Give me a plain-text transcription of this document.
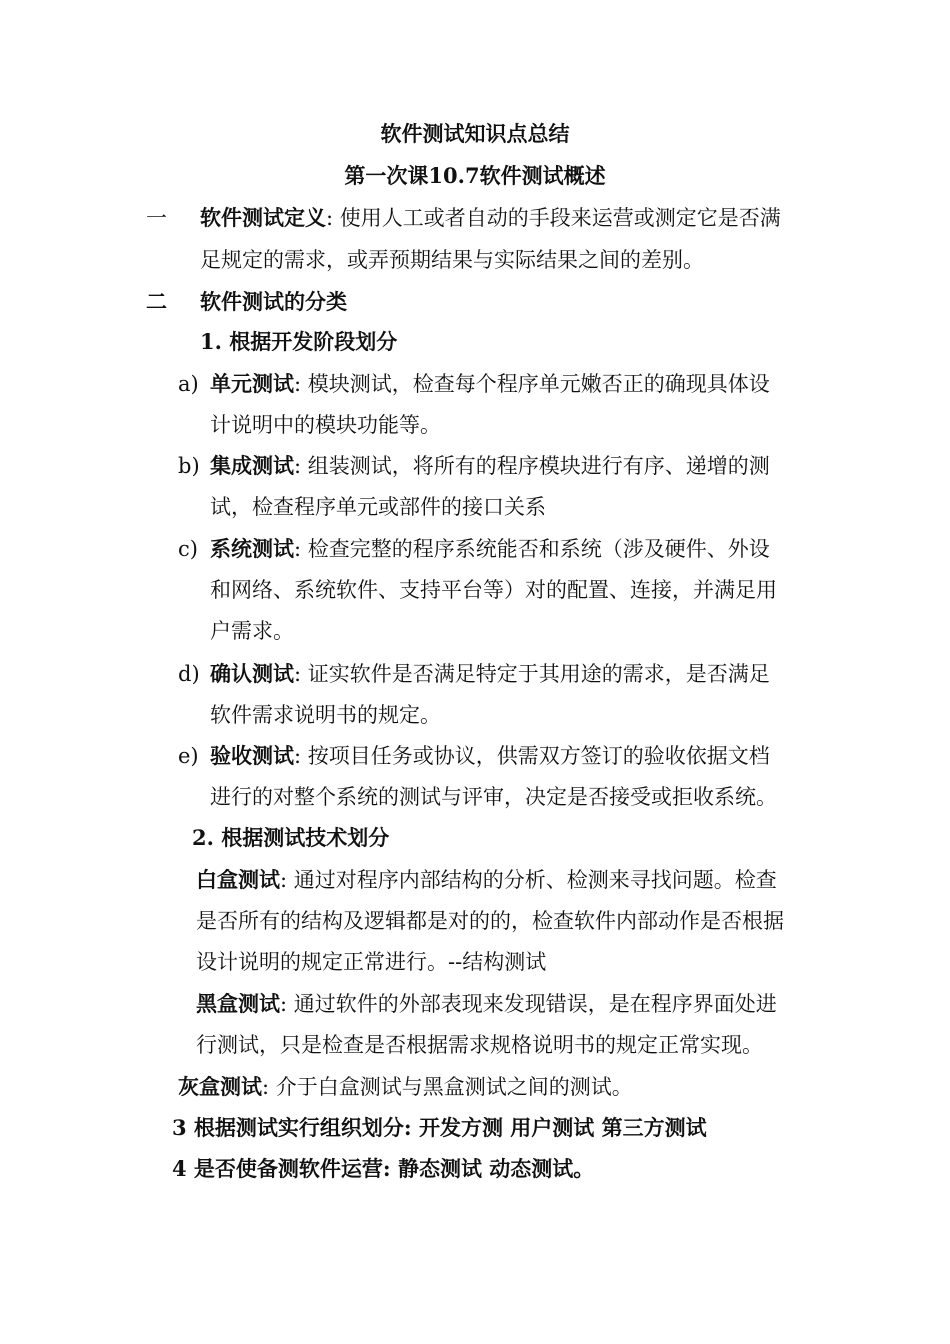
软件测试知识点总结
第一次课10.7软件测试概述
一 软件测试定义: 使用人工或者自动的手段来运营或测定它是否满
足规定的需求，或弄预期结果与实际结果之间的差别。
二 软件测试的分类
1. 根据开发阶段划分
a) 单元测试: 模块测试，检查每个程序单元嫩否正的确现具体设
计说明中的模块功能等。
b) 集成测试: 组装测试，将所有的程序模块进行有序、递增的测
试，检查程序单元或部件的接口关系
c) 系统测试: 检查完整的程序系统能否和系统（涉及硬件、外设
和网络、系统软件、支持平台等）对的配置、连接，并满足用
户需求。
d) 确认测试: 证实软件是否满足特定于其用途的需求，是否满足
软件需求说明书的规定。
e) 验收测试: 按项目任务或协议，供需双方签订的验收依据文档
进行的对整个系统的测试与评审，决定是否接受或拒收系统。
2. 根据测试技术划分
白盒测试: 通过对程序内部结构的分析、检测来寻找问题。检查
是否所有的结构及逻辑都是对的的，检查软件内部动作是否根据
设计说明的规定正常进行。--结构测试
黑盒测试: 通过软件的外部表现来发现错误，是在程序界面处进
行测试，只是检查是否根据需求规格说明书的规定正常实现。
灰盒测试: 介于白盒测试与黑盒测试之间的测试。
3 根据测试实行组织划分: 开发方测 用户测试 第三方测试
4 是否使备测软件运营: 静态测试 动态测试。
